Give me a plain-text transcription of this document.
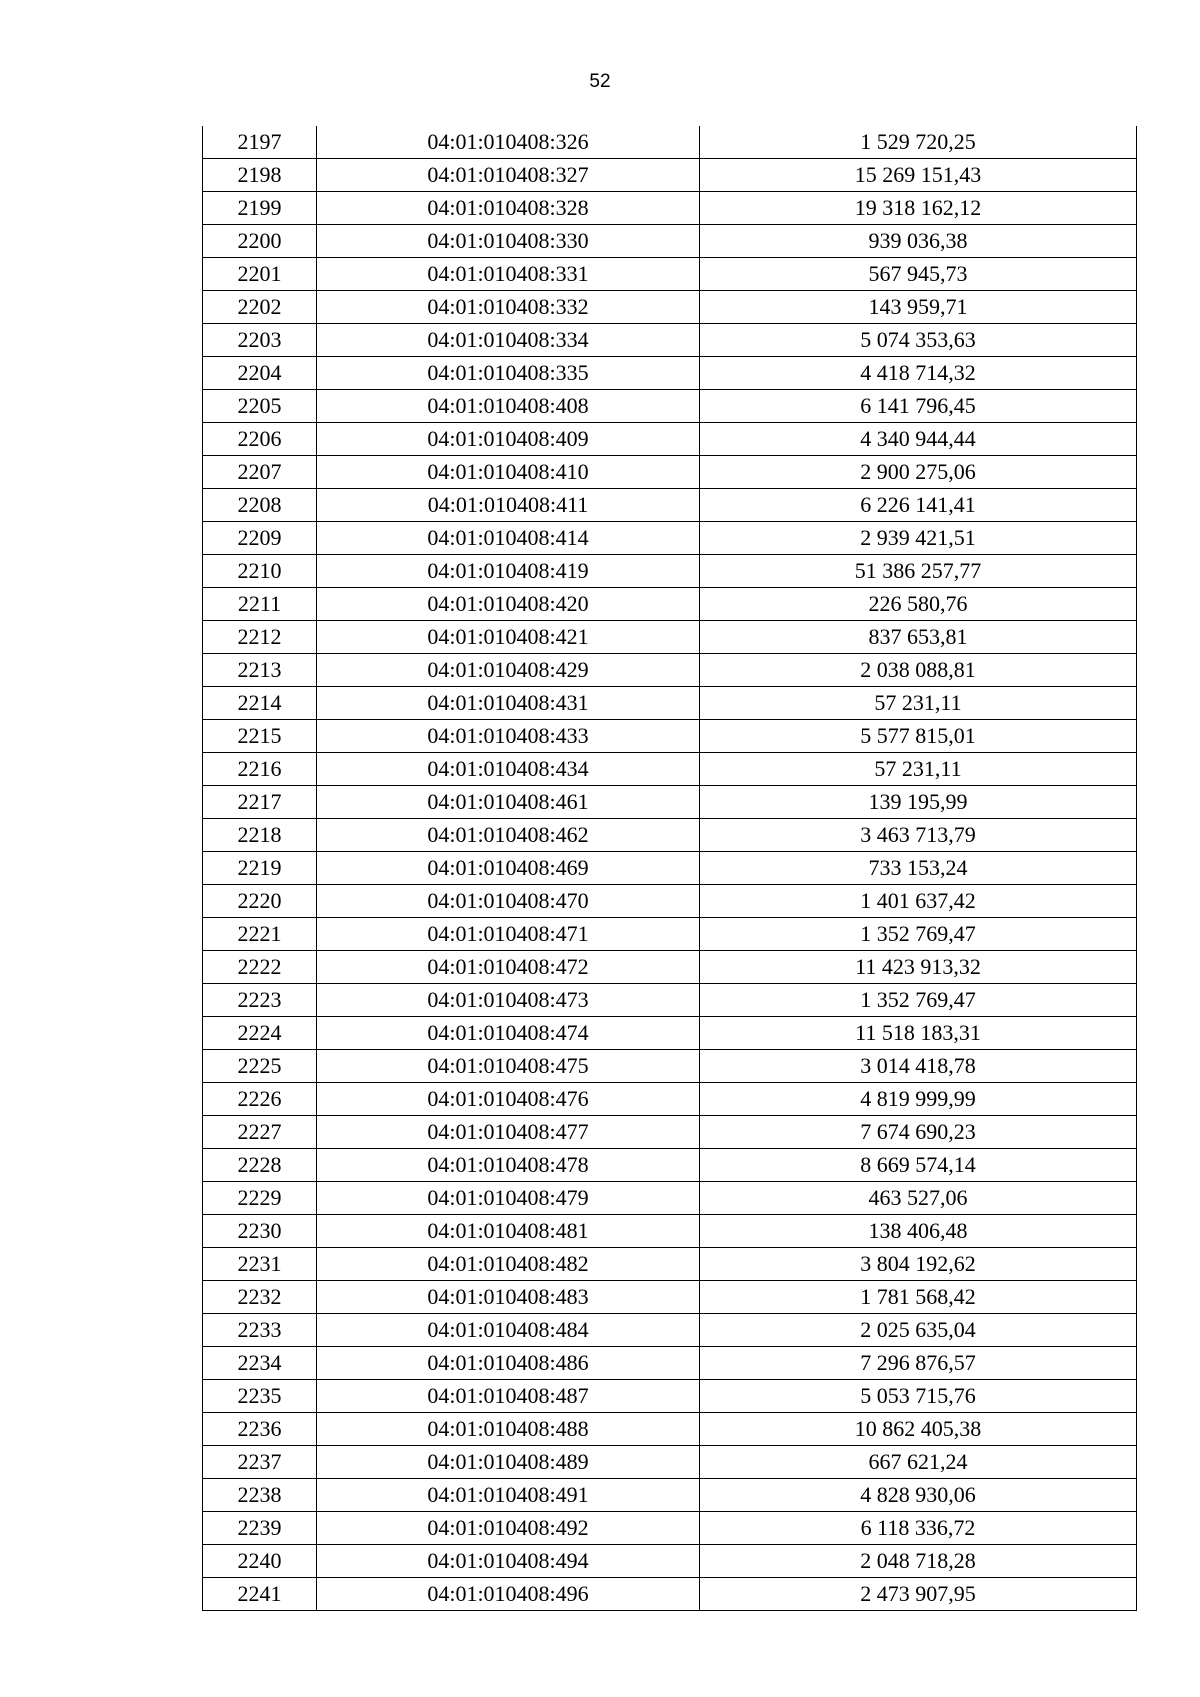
52
2197	04:01:010408:326	1 529 720,25
2198	04:01:010408:327	15 269 151,43
2199	04:01:010408:328	19 318 162,12
2200	04:01:010408:330	939 036,38
2201	04:01:010408:331	567 945,73
2202	04:01:010408:332	143 959,71
2203	04:01:010408:334	5 074 353,63
2204	04:01:010408:335	4 418 714,32
2205	04:01:010408:408	6 141 796,45
2206	04:01:010408:409	4 340 944,44
2207	04:01:010408:410	2 900 275,06
2208	04:01:010408:411	6 226 141,41
2209	04:01:010408:414	2 939 421,51
2210	04:01:010408:419	51 386 257,77
2211	04:01:010408:420	226 580,76
2212	04:01:010408:421	837 653,81
2213	04:01:010408:429	2 038 088,81
2214	04:01:010408:431	57 231,11
2215	04:01:010408:433	5 577 815,01
2216	04:01:010408:434	57 231,11
2217	04:01:010408:461	139 195,99
2218	04:01:010408:462	3 463 713,79
2219	04:01:010408:469	733 153,24
2220	04:01:010408:470	1 401 637,42
2221	04:01:010408:471	1 352 769,47
2222	04:01:010408:472	11 423 913,32
2223	04:01:010408:473	1 352 769,47
2224	04:01:010408:474	11 518 183,31
2225	04:01:010408:475	3 014 418,78
2226	04:01:010408:476	4 819 999,99
2227	04:01:010408:477	7 674 690,23
2228	04:01:010408:478	8 669 574,14
2229	04:01:010408:479	463 527,06
2230	04:01:010408:481	138 406,48
2231	04:01:010408:482	3 804 192,62
2232	04:01:010408:483	1 781 568,42
2233	04:01:010408:484	2 025 635,04
2234	04:01:010408:486	7 296 876,57
2235	04:01:010408:487	5 053 715,76
2236	04:01:010408:488	10 862 405,38
2237	04:01:010408:489	667 621,24
2238	04:01:010408:491	4 828 930,06
2239	04:01:010408:492	6 118 336,72
2240	04:01:010408:494	2 048 718,28
2241	04:01:010408:496	2 473 907,95
